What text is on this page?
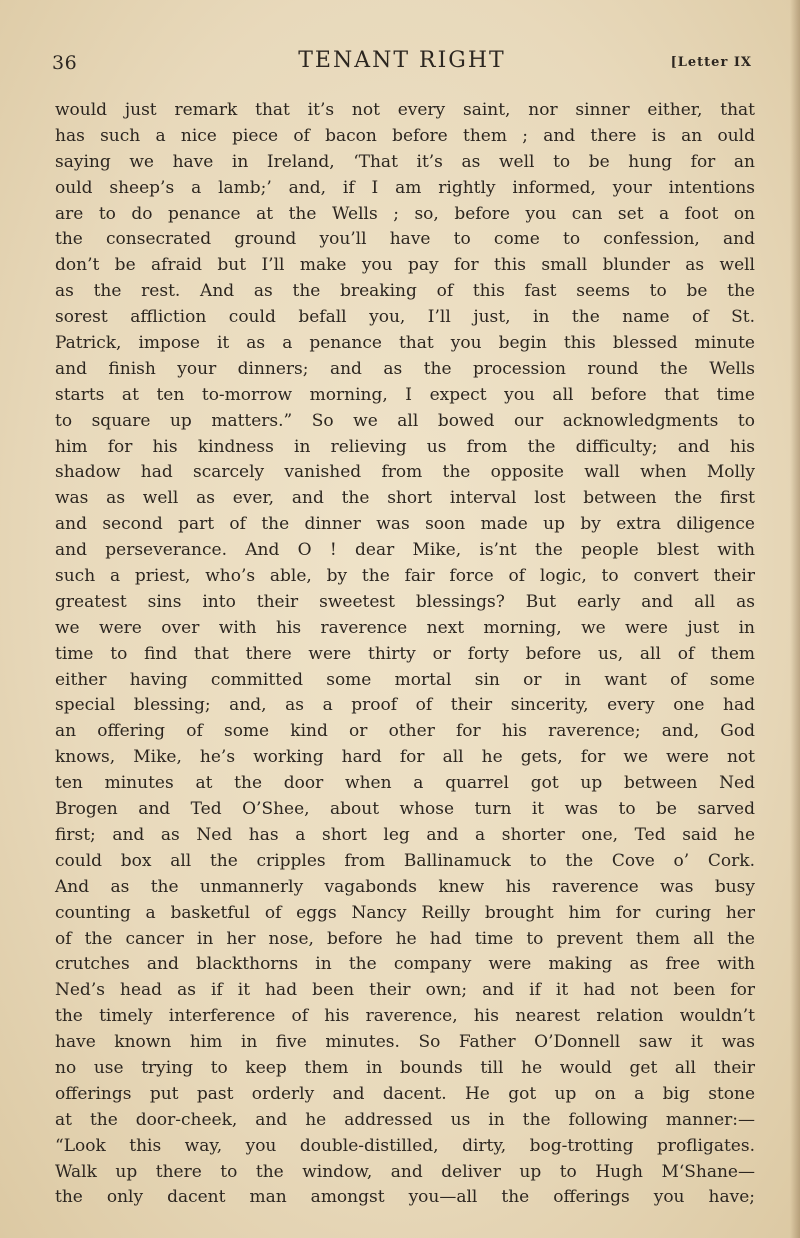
36	TENANT RIGHT	[Letter IX
would just remark that it’s not every saint, nor sinner either, that
has such a nice piece of bacon before them ; and there is an ould
saying we have in Ireland, ‘That it’s as well to be hung for an
ould sheep’s a lamb;’ and, if I am rightly informed, your intentions
are to do penance at the Wells ; so, before you can set a foot on
the consecrated ground you’ll have to come to confession, and
don’t be afraid but I’ll make you pay for this small blunder as well
as the rest. And as the breaking of this fast seems to be the
sorest affliction could befall you, I’ll just, in the name of St.
Patrick, impose it as a penance that you begin this blessed minute
and finish your dinners; and as the procession round the Wells
starts at ten to-morrow morning, I expect you all before that time
to square up matters.” So we all bowed our acknowledgments to
him for his kindness in relieving us from the difficulty; and his
shadow had scarcely vanished from the opposite wall when Molly
was as well as ever, and the short interval lost between the first
and second part of the dinner was soon made up by extra diligence
and perseverance. And O ! dear Mike, is’nt the people blest with
such a priest, who’s able, by the fair force of logic, to convert their
greatest sins into their sweetest blessings? But early and all as
we were over with his raverence next morning, we were just in
time to find that there were thirty or forty before us, all of them
either having committed some mortal sin or in want of some
special blessing; and, as a proof of their sincerity, every one had
an offering of some kind or other for his raverence; and, God
knows, Mike, he’s working hard for all he gets, for we were not
ten minutes at the door when a quarrel got up between Ned
Brogen and Ted O’Shee, about whose turn it was to be sarved
first; and as Ned has a short leg and a shorter one, Ted said he
could box all the cripples from Ballinamuck to the Cove o’ Cork.
And as the unmannerly vagabonds knew his raverence was busy
counting a basketful of eggs Nancy Reilly brought him for curing her
of the cancer in her nose, before he had time to prevent them all the
crutches and blackthorns in the company were making as free with
Ned’s head as if it had been their own; and if it had not been for
the timely interference of his raverence, his nearest relation wouldn’t
have known him in five minutes. So Father O’Donnell saw it was
no use trying to keep them in bounds till he would get all their
offerings put past orderly and dacent. He got up on a big stone
at the door-cheek, and he addressed us in the following manner:—
“Look this way, you double-distilled, dirty, bog-trotting profligates.
Walk up there to the window, and deliver up to Hugh M‘Shane—
the only dacent man amongst you—all the offerings you have;
